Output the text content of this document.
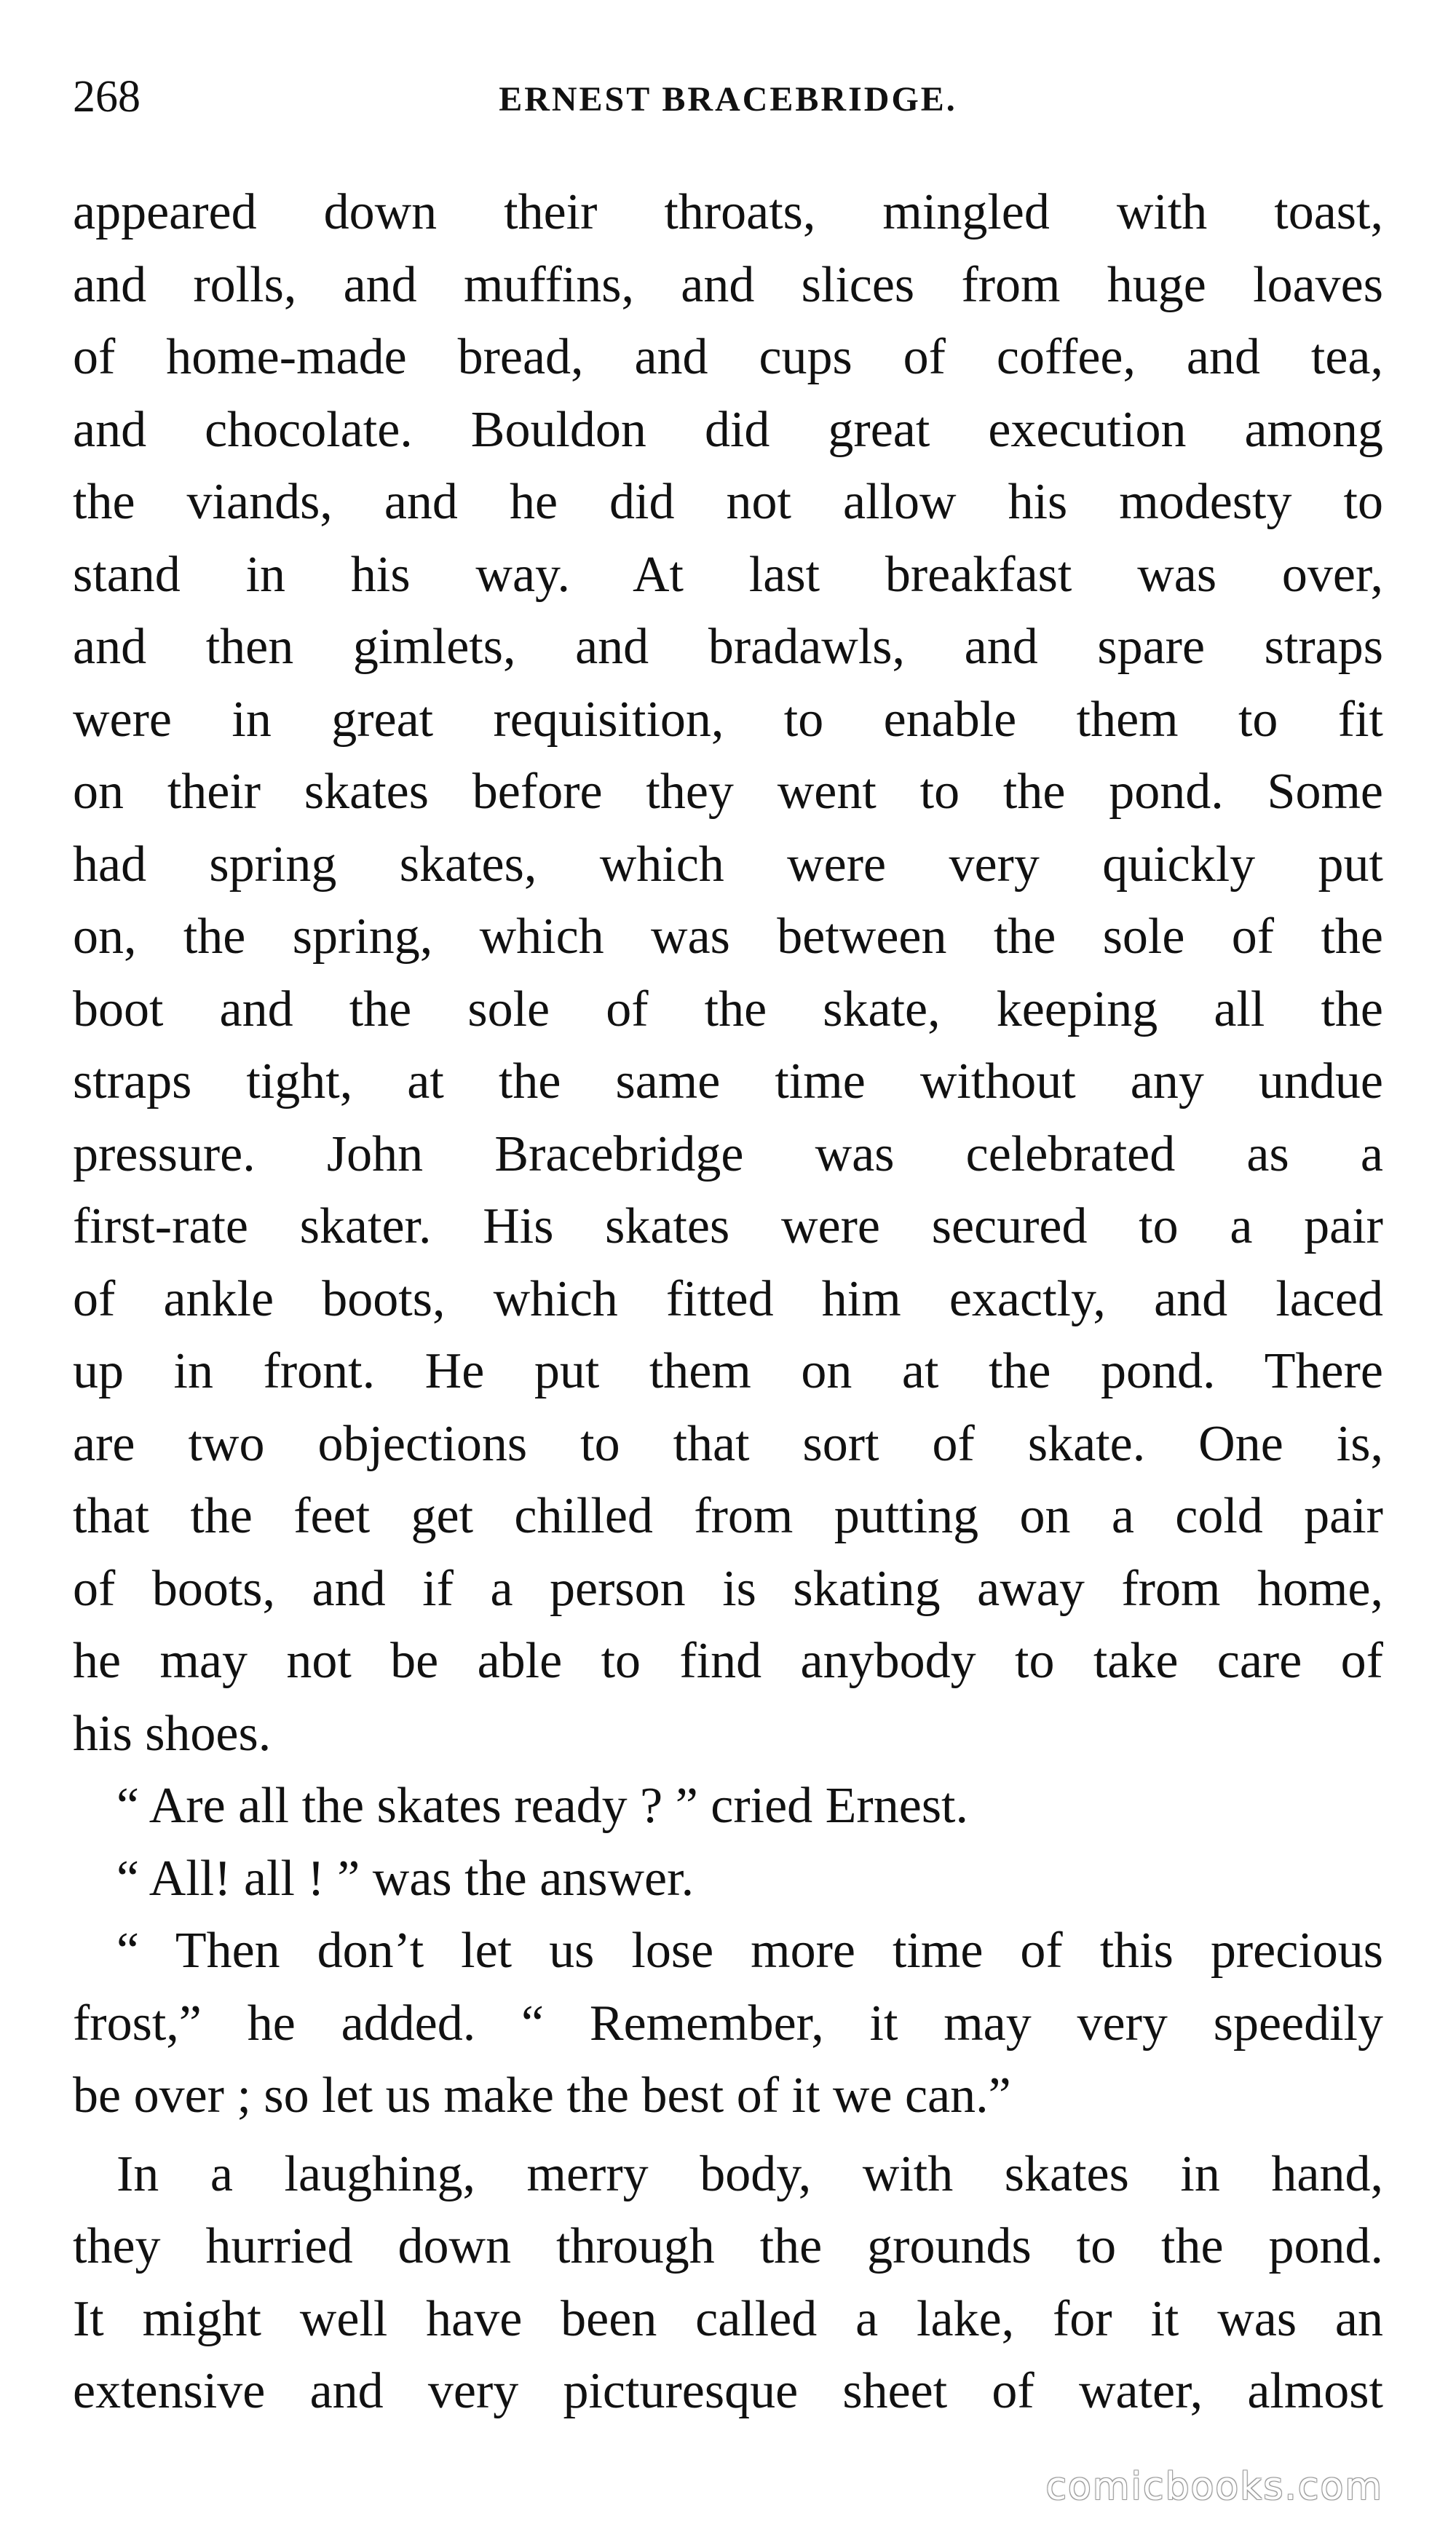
268	ERNEST BRACEBRIDGE.
appeared down their throats, mingled with toast,
and rolls, and muffins, and slices from huge loaves
of home-made bread, and cups of coffee, and tea,
and chocolate. Bouldon did great execution among
the viands, and he did not allow his modesty to
stand in his way. At last breakfast was over,
and then gimlets, and bradawls, and spare straps
were in great requisition, to enable them to fit
on their skates before they went to the pond. Some
had spring skates, which were very quickly put
on, the spring, which was between the sole of the
boot and the sole of the skate, keeping all the
straps tight, at the same time without any undue
pressure. John Bracebridge was celebrated as a
first-rate skater. His skates were secured to a pair
of ankle boots, which fitted him exactly, and laced
up in front. He put them on at the pond. There
are two objections to that sort of skate. One is,
that the feet get chilled from putting on a cold pair
of boots, and if a person is skating away from home,
he may not be able to find anybody to take care of
his shoes.
“ Are all the skates ready ? ” cried Ernest.
“ All! all ! ” was the answer.
“ Then don’t let us lose more time of this precious
frost,” he added. “ Remember, it may very speedily
be over ; so let us make the best of it we can.”
In a laughing, merry body, with skates in hand,
they hurried down through the grounds to the pond.
It might well have been called a lake, for it was an
extensive and very picturesque sheet of water, almost
comicbooks.com
